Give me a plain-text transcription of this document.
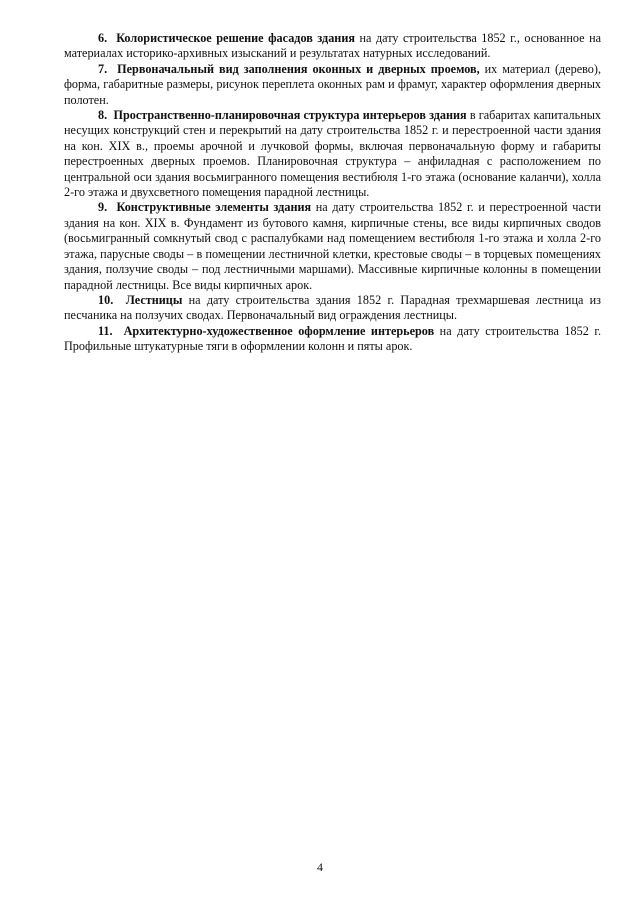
6. Колористическое решение фасадов здания на дату строительства 1852 г., основанное на материалах историко-архивных изысканий и результатах натурных исследований.

7. Первоначальный вид заполнения оконных и дверных проемов, их материал (дерево), форма, габаритные размеры, рисунок переплета оконных рам и фрамуг, характер оформления дверных полотен.

8. Пространственно-планировочная структура интерьеров здания в габаритах капитальных несущих конструкций стен и перекрытий на дату строительства 1852 г. и перестроенной части здания на кон. XIX в., проемы арочной и лучковой формы, включая первоначальную форму и габариты перестроенных дверных проемов. Планировочная структура – анфиладная с расположением по центральной оси здания восьмигранного помещения вестибюля 1-го этажа (основание каланчи), холла 2-го этажа и двухсветного помещения парадной лестницы.

9. Конструктивные элементы здания на дату строительства 1852 г. и перестроенной части здания на кон. XIX в. Фундамент из бутового камня, кирпичные стены, все виды кирпичных сводов (восьмигранный сомкнутый свод с распалубками над помещением вестибюля 1-го этажа и холла 2-го этажа, парусные своды – в помещении лестничной клетки, крестовые своды – в торцевых помещениях здания, ползучие своды – под лестничными маршами). Массивные кирпичные колонны в помещении парадной лестницы. Все виды кирпичных арок.

10. Лестницы на дату строительства здания 1852 г. Парадная трехмаршевая лестница из песчаника на ползучих сводах. Первоначальный вид ограждения лестницы.

11. Архитектурно-художественное оформление интерьеров на дату строительства 1852 г. Профильные штукатурные тяги в оформлении колонн и пяты арок.

4
